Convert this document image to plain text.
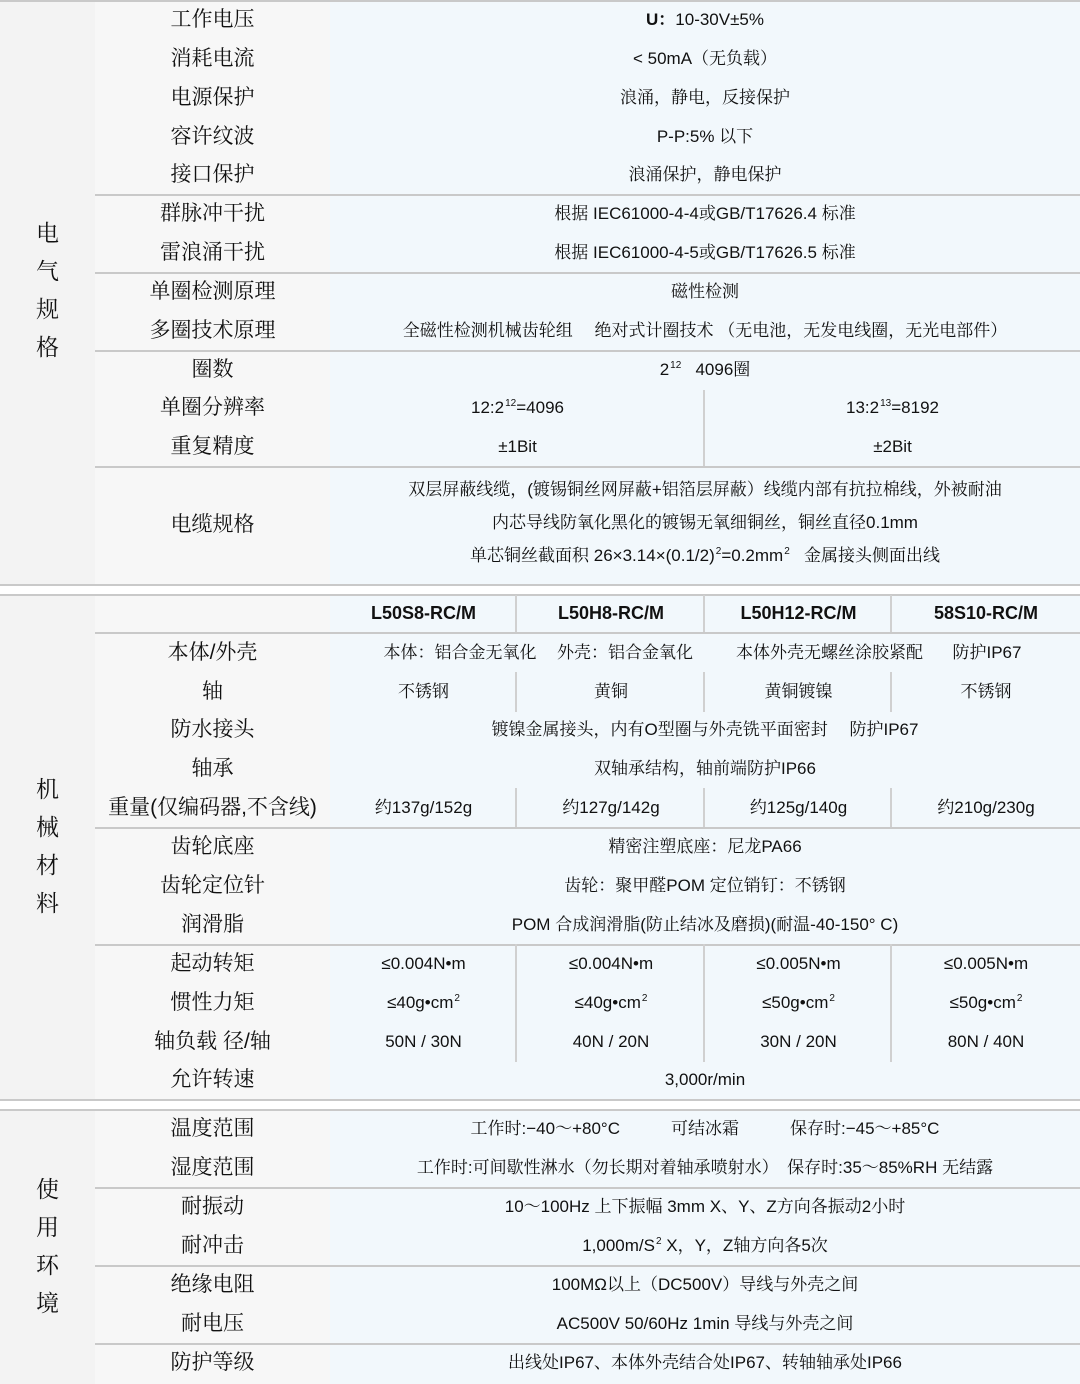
电气规格
机械材料
使用环境
工作电压	U：10-30V±5%
消耗电流	< 50mA（无负载）
电源保护	浪涌，静电，反接保护
容许纹波	P-P:5% 以下
接口保护	浪涌保护，静电保护
群脉冲干扰	根据 IEC61000-4-4或GB/T17626.4 标准
雷浪涌干扰	根据 IEC61000-4-5或GB/T17626.5 标准
单圈检测原理	磁性检测
多圈技术原理	全磁性检测机械齿轮组　 绝对式计圈技术 （无电池，无发电线圈，无光电部件）
圈数	$2^{12}$ 4096圈
单圈分辨率	$12:2^{12}=4096$	$13:2^{13}=8192$
重复精度	±1Bit	±2Bit
电缆规格
双层屏蔽线缆，(镀锡铜丝网屏蔽+铝箔层屏蔽）线缆内部有抗拉棉线，外被耐油
内芯导线防氧化黑化的镀锡无氧细铜丝，铜丝直径0.1mm
单芯铜丝截面积 $26\times 3.14\times(0.1/2)^2=0.2mm^2$ 金属接头侧面出线
L50S8-RC/M	L50H8-RC/M	L50H12-RC/M	58S10-RC/M
本体/外壳	本体：铝合金无氧化	外壳：铝合金氧化	本体外壳无螺丝涂胶紧配	防护IP67
轴	不锈钢	黄铜	黄铜镀镍	不锈钢
防水接头	镀镍金属接头，内有O型圈与外壳铣平面密封　 防护IP67
轴承	双轴承结构，轴前端防护IP66
重量(仅编码器,不含线)	约137g/152g	约127g/142g	约125g/140g	约210g/230g
齿轮底座	精密注塑底座：尼龙PA66
齿轮定位针	齿轮：聚甲醛POM 定位销钉：不锈钢
润滑脂	POM 合成润滑脂(防止结冰及磨损)(耐温-40-150° C)
起动转矩	≤0.004N•m	≤0.004N•m	≤0.005N•m	≤0.005N•m
惯性力矩	$\le 40g•cm^2$	$\le 40g•cm^2$	$\le 50g•cm^2$	$\le 50g•cm^2$
轴负载 径/轴	50N / 30N	40N / 20N	30N / 20N	80N / 40N
允许转速	3,000r/min
温度范围	工作时:−40～+80°C　　　可结冰霜　　　保存时:−45～+85°C
湿度范围	工作时:可间歇性淋水（勿长期对着轴承喷射水）　保存时:35～85%RH 无结露
耐振动	10～100Hz 上下振幅 3mm X、Y、Z方向各振动2小时
耐冲击	$1,000m/S^2$ X，Y，Z轴方向各5次
绝缘电阻	100MΩ以上（DC500V）导线与外壳之间
耐电压	AC500V 50/60Hz 1min 导线与外壳之间
防护等级	出线处IP67、本体外壳结合处IP67、转轴轴承处IP66
